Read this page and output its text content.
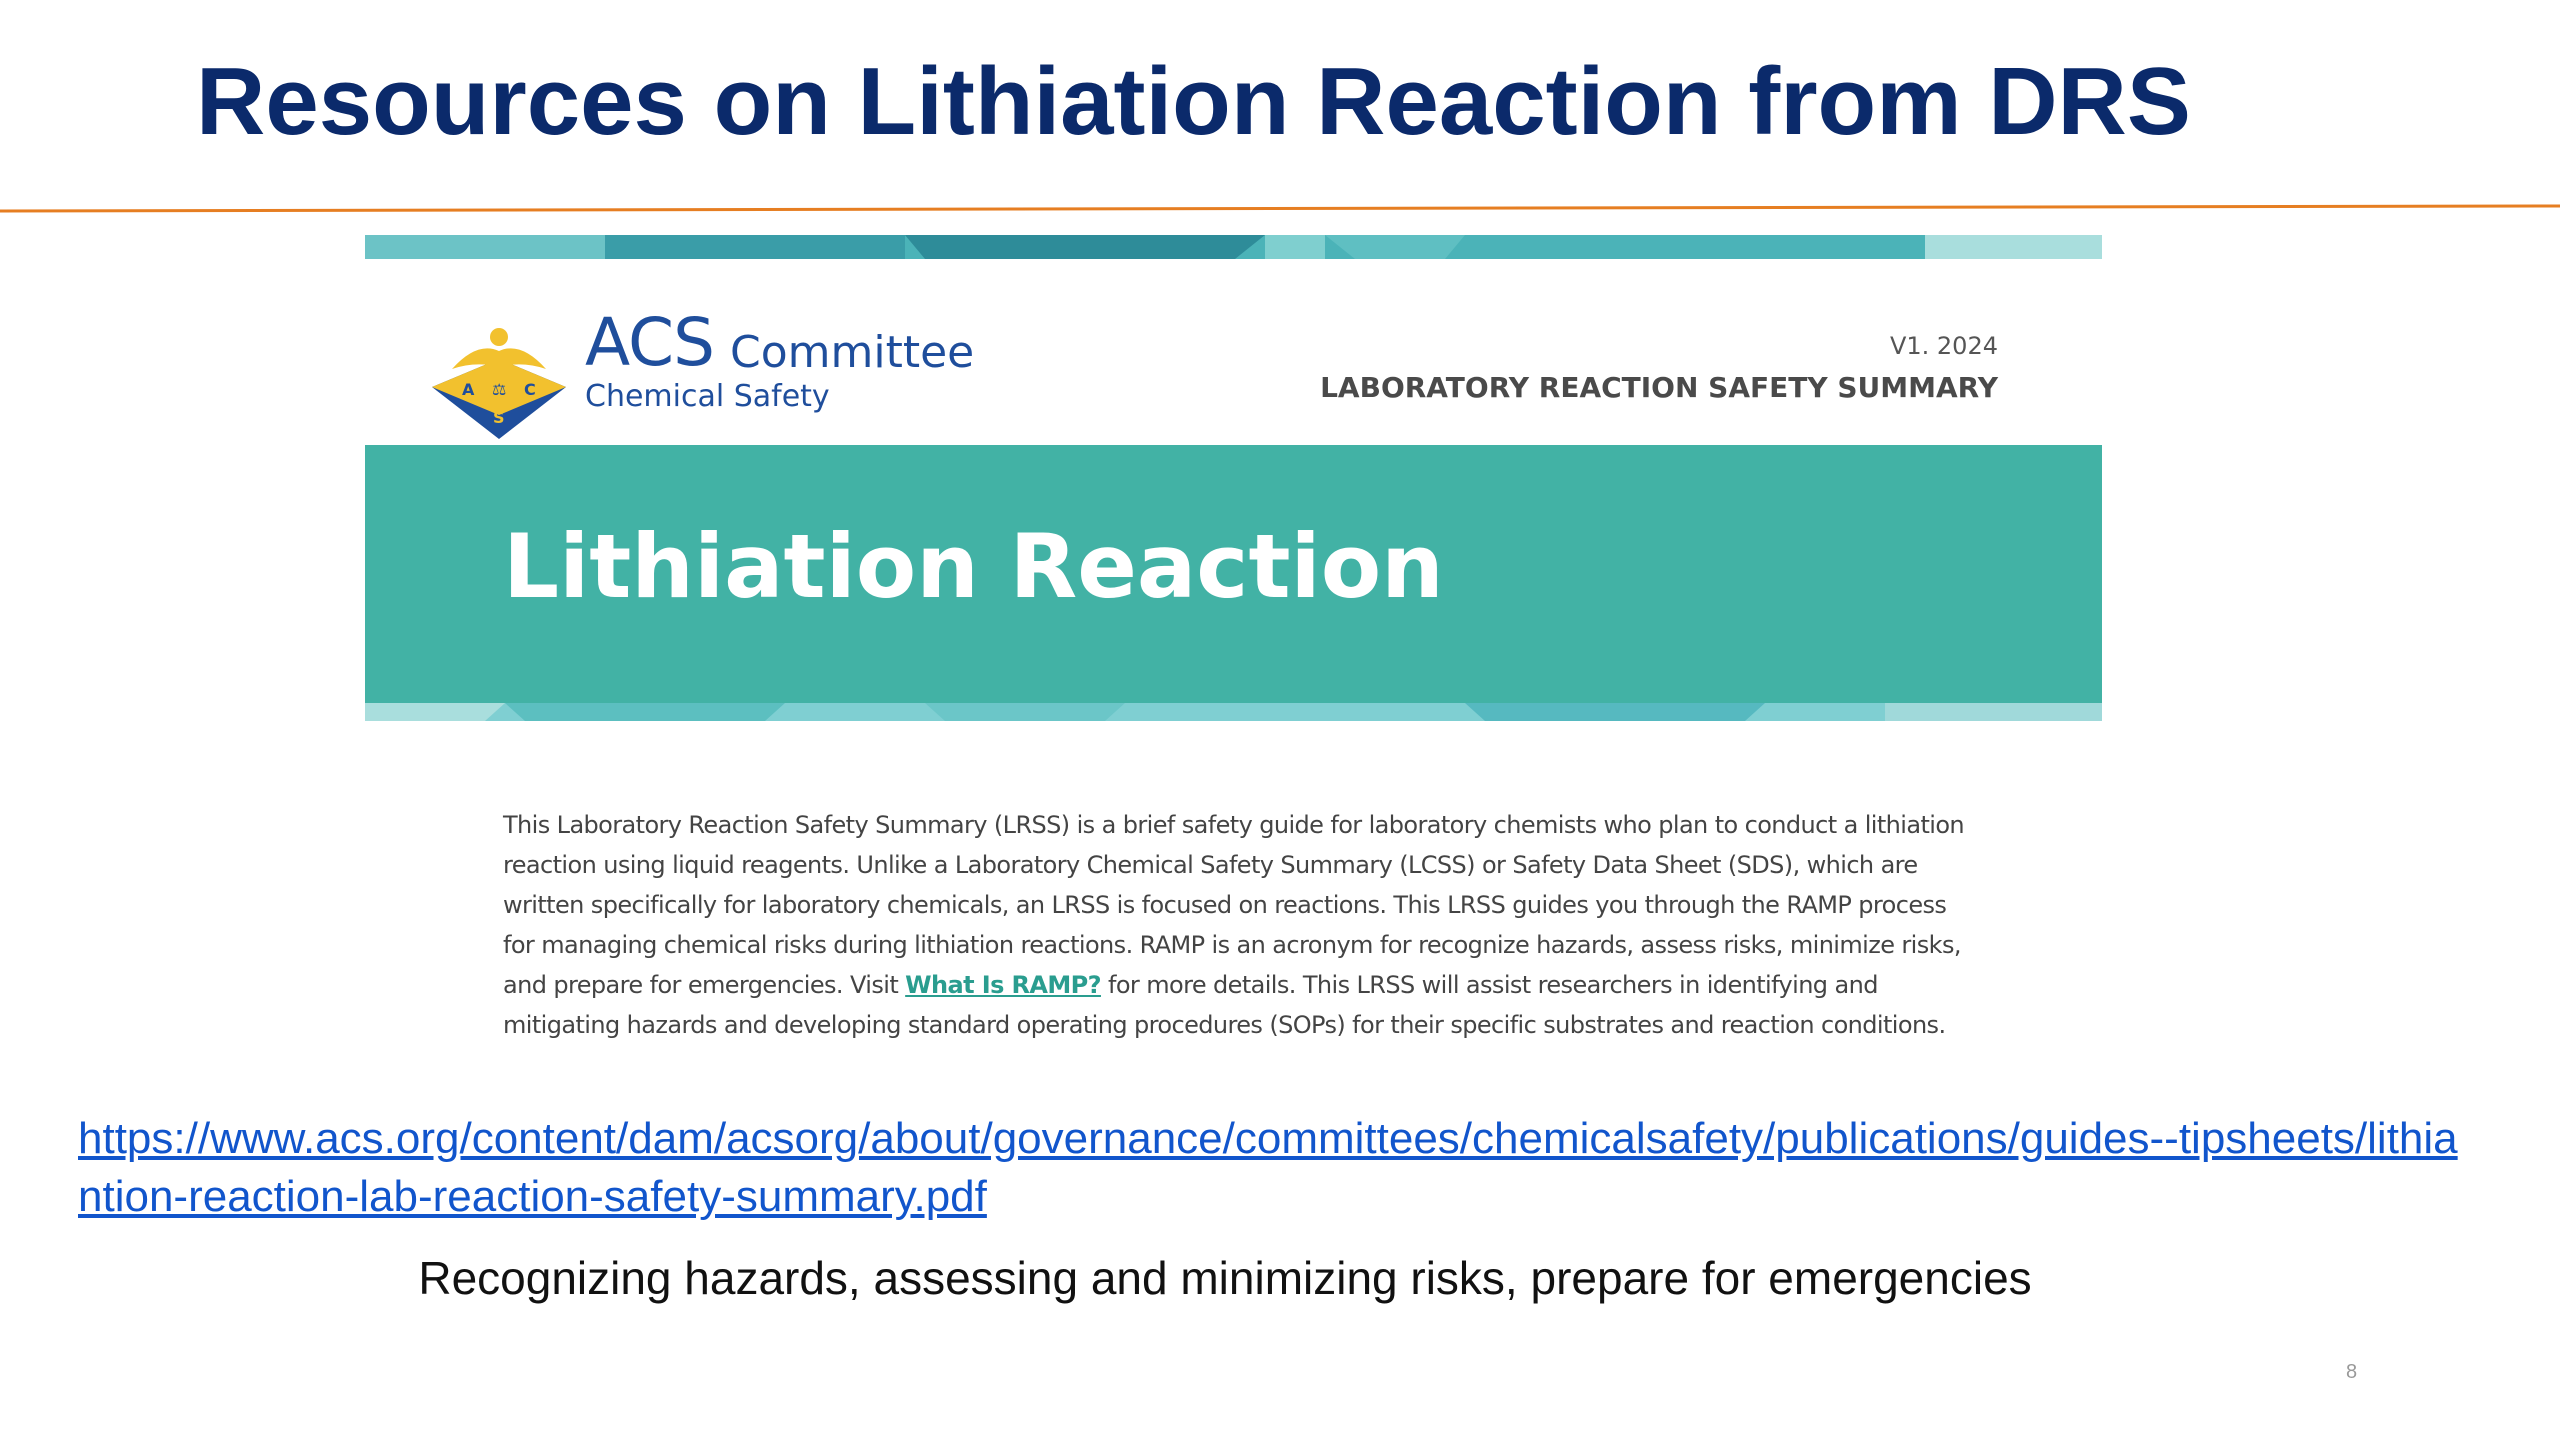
Resources on Lithiation Reaction from DRS
A ⚖ C
S
ACS Committee
Chemical Safety
V1. 2024
LABORATORY REACTION SAFETY SUMMARY
Lithiation Reaction

This Laboratory Reaction Safety Summary (LRSS) is a brief safety guide for laboratory chemists who plan to conduct a lithiation reaction using liquid reagents. Unlike a Laboratory Chemical Safety Summary (LCSS) or Safety Data Sheet (SDS), which are written specifically for laboratory chemicals, an LRSS is focused on reactions. This LRSS guides you through the RAMP process for managing chemical risks during lithiation reactions. RAMP is an acronym for recognize hazards, assess risks, minimize risks, and prepare for emergencies. Visit What Is RAMP? for more details. This LRSS will assist researchers in identifying and mitigating hazards and developing standard operating procedures (SOPs) for their specific substrates and reaction conditions.

https://www.acs.org/content/dam/acsorg/about/governance/committees/chemicalsafety/publications/guides--tipsheets/lithiantion-reaction-lab-reaction-safety-summary.pdf
Recognizing hazards, assessing and minimizing risks, prepare for emergencies
8
